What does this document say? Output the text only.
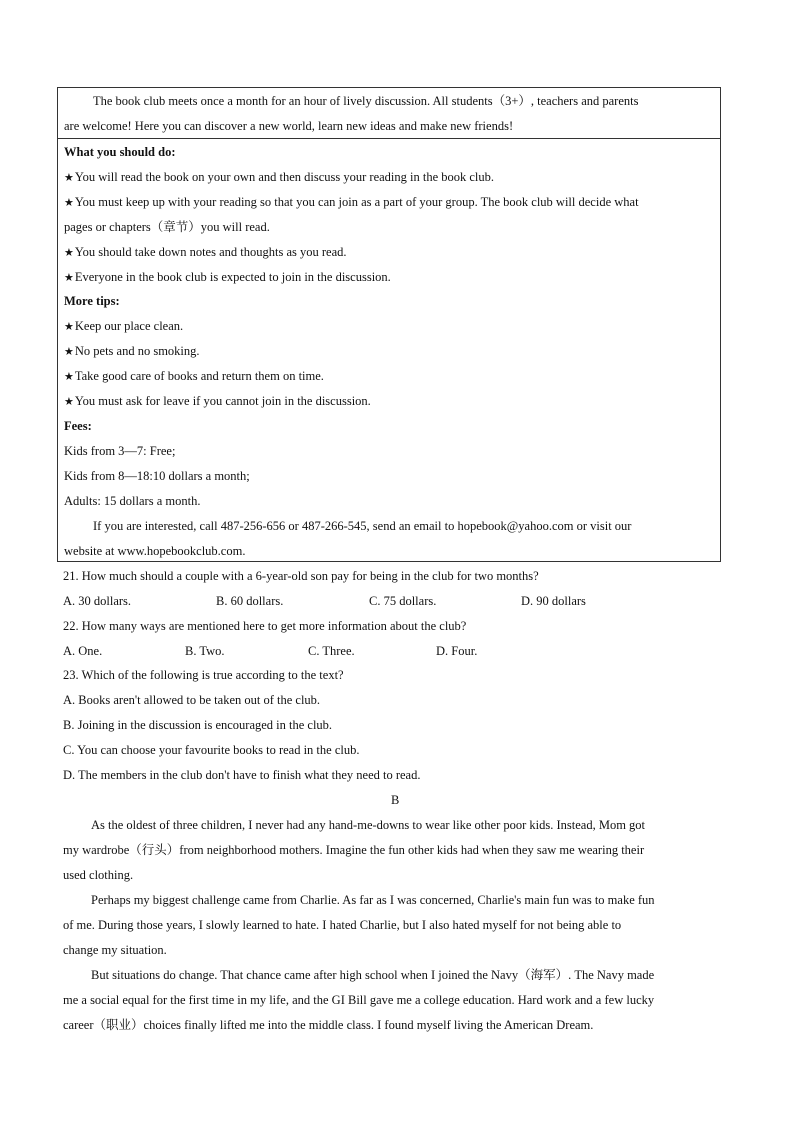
The book club meets once a month for an hour of lively discussion. All students（3+）, teachers and parents
are welcome! Here you can discover a new world, learn new ideas and make new friends!
What you should do:
★You will read the book on your own and then discuss your reading in the book club.
★You must keep up with your reading so that you can join as a part of your group. The book club will decide what
pages or chapters（章节）you will read.
★You should take down notes and thoughts as you read.
★Everyone in the book club is expected to join in the discussion.
More tips:
★Keep our place clean.
★No pets and no smoking.
★Take good care of books and return them on time.
★You must ask for leave if you cannot join in the discussion.
Fees:
Kids from 3—7: Free;
Kids from 8—18:10 dollars a month;
Adults: 15 dollars a month.
If you are interested, call 487-256-656 or 487-266-545, send an email to hopebook@yahoo.com or visit our
website at www.hopebookclub.com.
21. How much should a couple with a 6-year-old son pay for being in the club for two months?
A. 30 dollars.	B. 60 dollars.	C. 75 dollars.	D. 90 dollars
22. How many ways are mentioned here to get more information about the club?
A. One.	B. Two.	C. Three.	D. Four.
23. Which of the following is true according to the text?
A. Books aren't allowed to be taken out of the club.
B. Joining in the discussion is encouraged in the club.
C. You can choose your favourite books to read in the club.
D. The members in the club don't have to finish what they need to read.
B
As the oldest of three children, I never had any hand-me-downs to wear like other poor kids. Instead, Mom got
my wardrobe（行头）from neighborhood mothers. Imagine the fun other kids had when they saw me wearing their
used clothing.
Perhaps my biggest challenge came from Charlie. As far as I was concerned, Charlie's main fun was to make fun
of me. During those years, I slowly learned to hate. I hated Charlie, but I also hated myself for not being able to
change my situation.
But situations do change. That chance came after high school when I joined the Navy（海军）. The Navy made
me a social equal for the first time in my life, and the GI Bill gave me a college education. Hard work and a few lucky
career（职业）choices finally lifted me into the middle class. I found myself living the American Dream.
